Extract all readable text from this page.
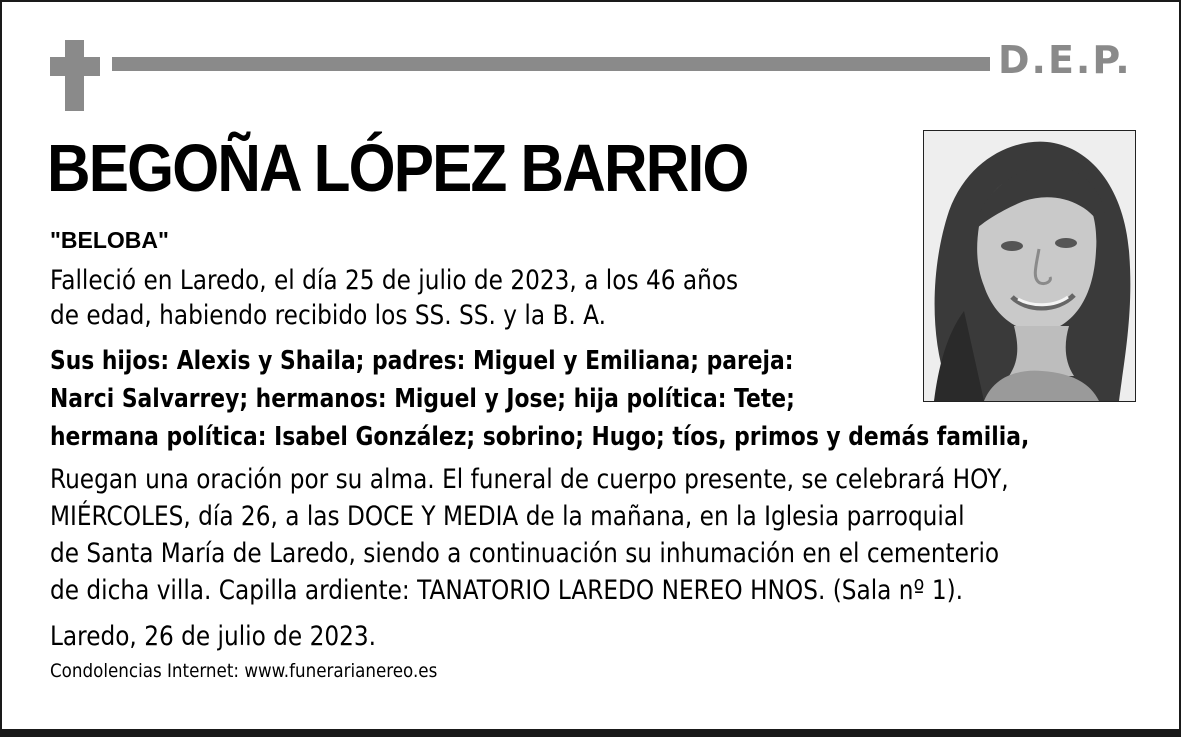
D.E.P.
BEGOÑA LÓPEZ BARRIO
"BELOBA"
Falleció en Laredo, el día 25 de julio de 2023, a los 46 años
de edad, habiendo recibido los SS. SS. y la B. A.
Sus hijos: Alexis y Shaila; padres: Miguel y Emiliana; pareja:
Narci Salvarrey; hermanos: Miguel y Jose; hija política: Tete;
hermana política: Isabel González; sobrino; Hugo; tíos, primos y demás familia,
Ruegan una oración por su alma. El funeral de cuerpo presente, se celebrará HOY,
MIÉRCOLES, día 26, a las DOCE Y MEDIA de la mañana, en la Iglesia parroquial
de Santa María de Laredo, siendo a continuación su inhumación en el cementerio
de dicha villa. Capilla ardiente: TANATORIO LAREDO NEREO HNOS. (Sala nº 1).
Laredo, 26 de julio de 2023.
Condolencias Internet: www.funerarianereo.es
